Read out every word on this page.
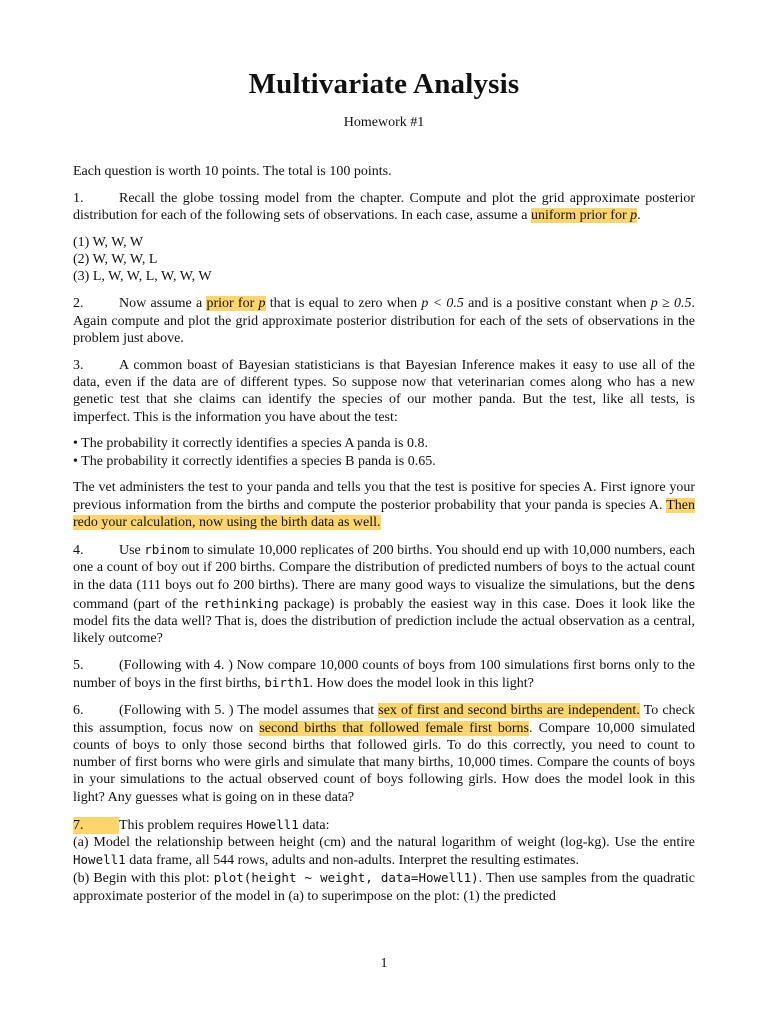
Multivariate Analysis
Homework #1

Each question is worth 10 points. The total is 100 points.

1.	Recall the globe tossing model from the chapter. Compute and plot the grid approximate posterior distribution for each of the following sets of observations. In each case, assume a uniform prior for p.

(1) W, W, W
(2) W, W, W, L
(3) L, W, W, L, W, W, W

2.	Now assume a prior for p that is equal to zero when p < 0.5 and is a positive constant when p ≥ 0.5. Again compute and plot the grid approximate posterior distribution for each of the sets of observations in the problem just above.

3.	A common boast of Bayesian statisticians is that Bayesian Inference makes it easy to use all of the data, even if the data are of different types. So suppose now that veterinarian comes along who has a new genetic test that she claims can identify the species of our mother panda. But the test, like all tests, is imperfect. This is the information you have about the test:

• The probability it correctly identifies a species A panda is 0.8.
• The probability it correctly identifies a species B panda is 0.65.

The vet administers the test to your panda and tells you that the test is positive for species A. First ignore your previous information from the births and compute the posterior probability that your panda is species A. Then redo your calculation, now using the birth data as well.

4.	Use rbinom to simulate 10,000 replicates of 200 births. You should end up with 10,000 numbers, each one a count of boy out if 200 births. Compare the distribution of predicted numbers of boys to the actual count in the data (111 boys out fo 200 births). There are many good ways to visualize the simulations, but the dens command (part of the rethinking package) is probably the easiest way in this case. Does it look like the model fits the data well? That is, does the distribution of prediction include the actual observation as a central, likely outcome?

5.	(Following with 4. ) Now compare 10,000 counts of boys from 100 simulations first borns only to the number of boys in the first births, birth1. How does the model look in this light?

6.	(Following with 5. ) The model assumes that sex of first and second births are independent. To check this assumption, focus now on second births that followed female first borns. Compare 10,000 simulated counts of boys to only those second births that followed girls. To do this correctly, you need to count to number of first borns who were girls and simulate that many births, 10,000 times. Compare the counts of boys in your simulations to the actual observed count of boys following girls. How does the model look in this light? Any guesses what is going on in these data?

7.	This problem requires Howell1 data:
(a) Model the relationship between height (cm) and the natural logarithm of weight (log-kg). Use the entire Howell1 data frame, all 544 rows, adults and non-adults. Interpret the resulting estimates.
(b) Begin with this plot: plot(height ~ weight, data=Howell1). Then use samples from the quadratic approximate posterior of the model in (a) to superimpose on the plot: (1) the predicted

1
